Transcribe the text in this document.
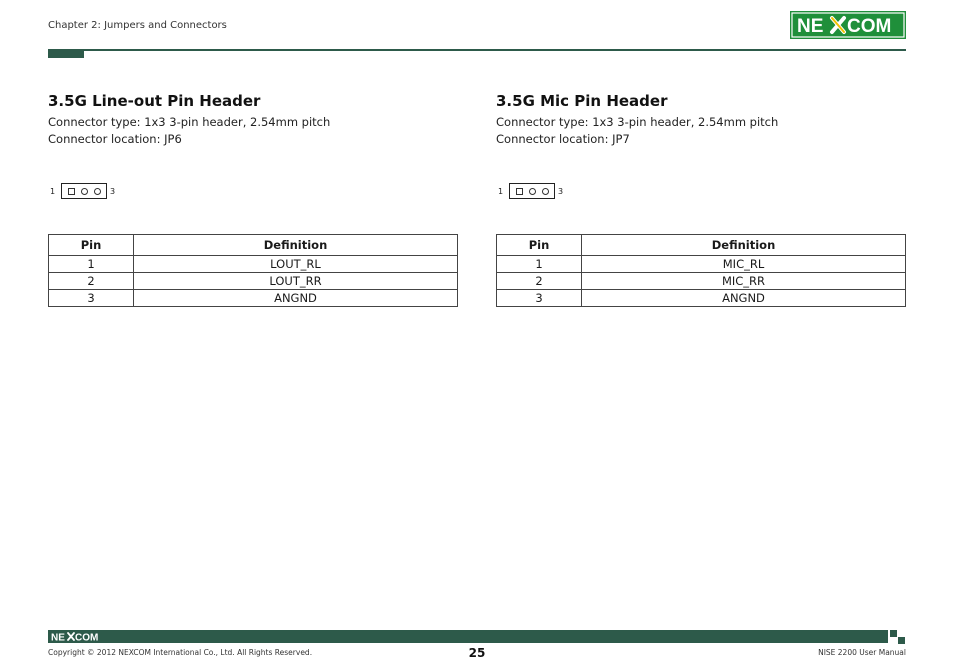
Chapter 2: Jumpers and Connectors	NE COM
3.5G Line-out Pin Header
Connector type: 1x3 3-pin header, 2.54mm pitch
Connector location: JP6
1	3
Pin	Definition
1	LOUT_RL
2	LOUT_RR
3	ANGND
3.5G Mic Pin Header
Connector type: 1x3 3-pin header, 2.54mm pitch
Connector location: JP7
1	3
Pin	Definition
1	MIC_RL
2	MIC_RR
3	ANGND
NE COM
Copyright © 2012 NEXCOM International Co., Ltd. All Rights Reserved.	25	NISE 2200 User Manual
